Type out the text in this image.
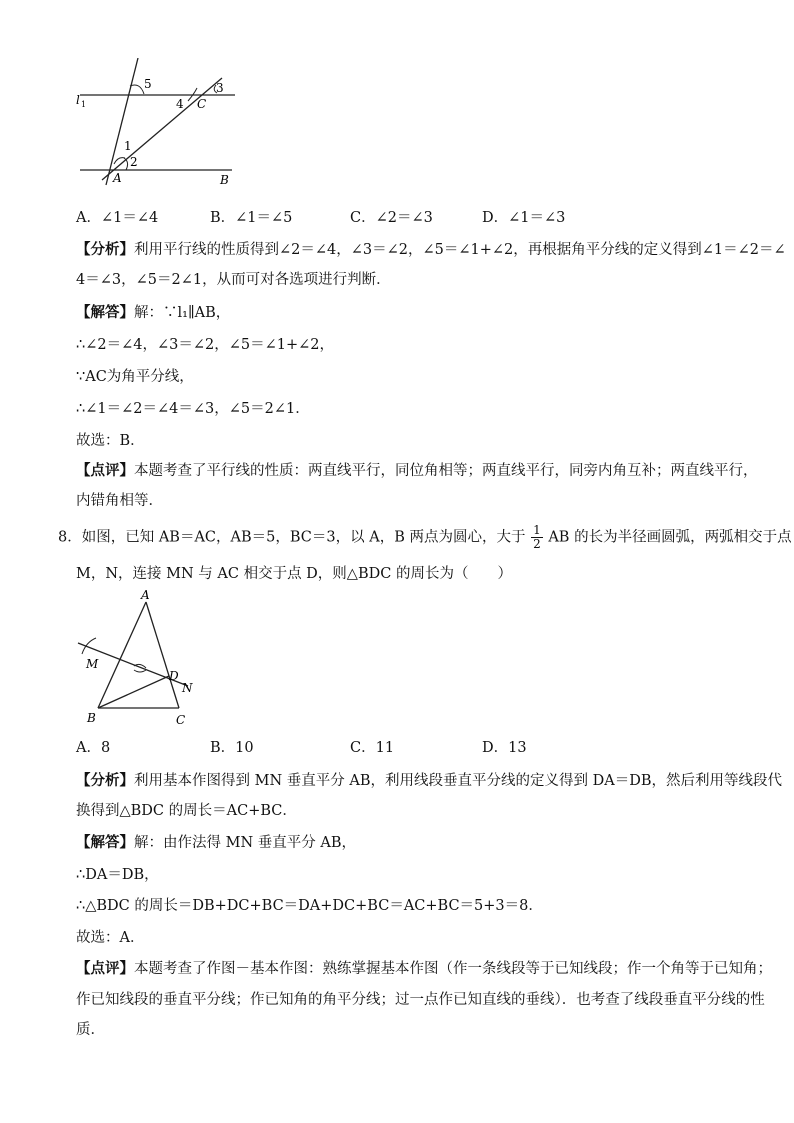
l 1
5
4 C
3
1
2
A	B
A．∠1＝∠4	B．∠1＝∠5	C．∠2＝∠3	D．∠1＝∠3
【分析】利用平行线的性质得到∠2＝∠4，∠3＝∠2，∠5＝∠1+∠2，再根据角平分线的定义得到∠1＝∠2＝∠
4＝∠3，∠5＝2∠1，从而可对各选项进行判断．
【解答】解：∵l₁∥AB，
∴∠2＝∠4，∠3＝∠2，∠5＝∠1+∠2，
∵AC为角平分线，
∴∠1＝∠2＝∠4＝∠3，∠5＝2∠1．
故选：B．
【点评】本题考查了平行线的性质：两直线平行，同位角相等；两直线平行，同旁内角互补；两直线平行，
内错角相等．
8．如图，已知 AB＝AC，AB＝5，BC＝3，以 A，B 两点为圆心，大于 $\frac{1}{2}$ AB 的长为半径画圆弧，两弧相交于点
M，N，连接 MN 与 AC 相交于点 D，则△BDC 的周长为（　　）
A
M
D
N
B	C
A．8	B．10	C．11	D．13
【分析】利用基本作图得到 MN 垂直平分 AB，利用线段垂直平分线的定义得到 DA＝DB，然后利用等线段代
换得到△BDC 的周长＝AC+BC．
【解答】解：由作法得 MN 垂直平分 AB，
∴DA＝DB，
∴△BDC 的周长＝DB+DC+BC＝DA+DC+BC＝AC+BC＝5+3＝8．
故选：A．
【点评】本题考查了作图－基本作图：熟练掌握基本作图（作一条线段等于已知线段；作一个角等于已知角；
作已知线段的垂直平分线；作已知角的角平分线；过一点作已知直线的垂线）．也考查了线段垂直平分线的性
质．
